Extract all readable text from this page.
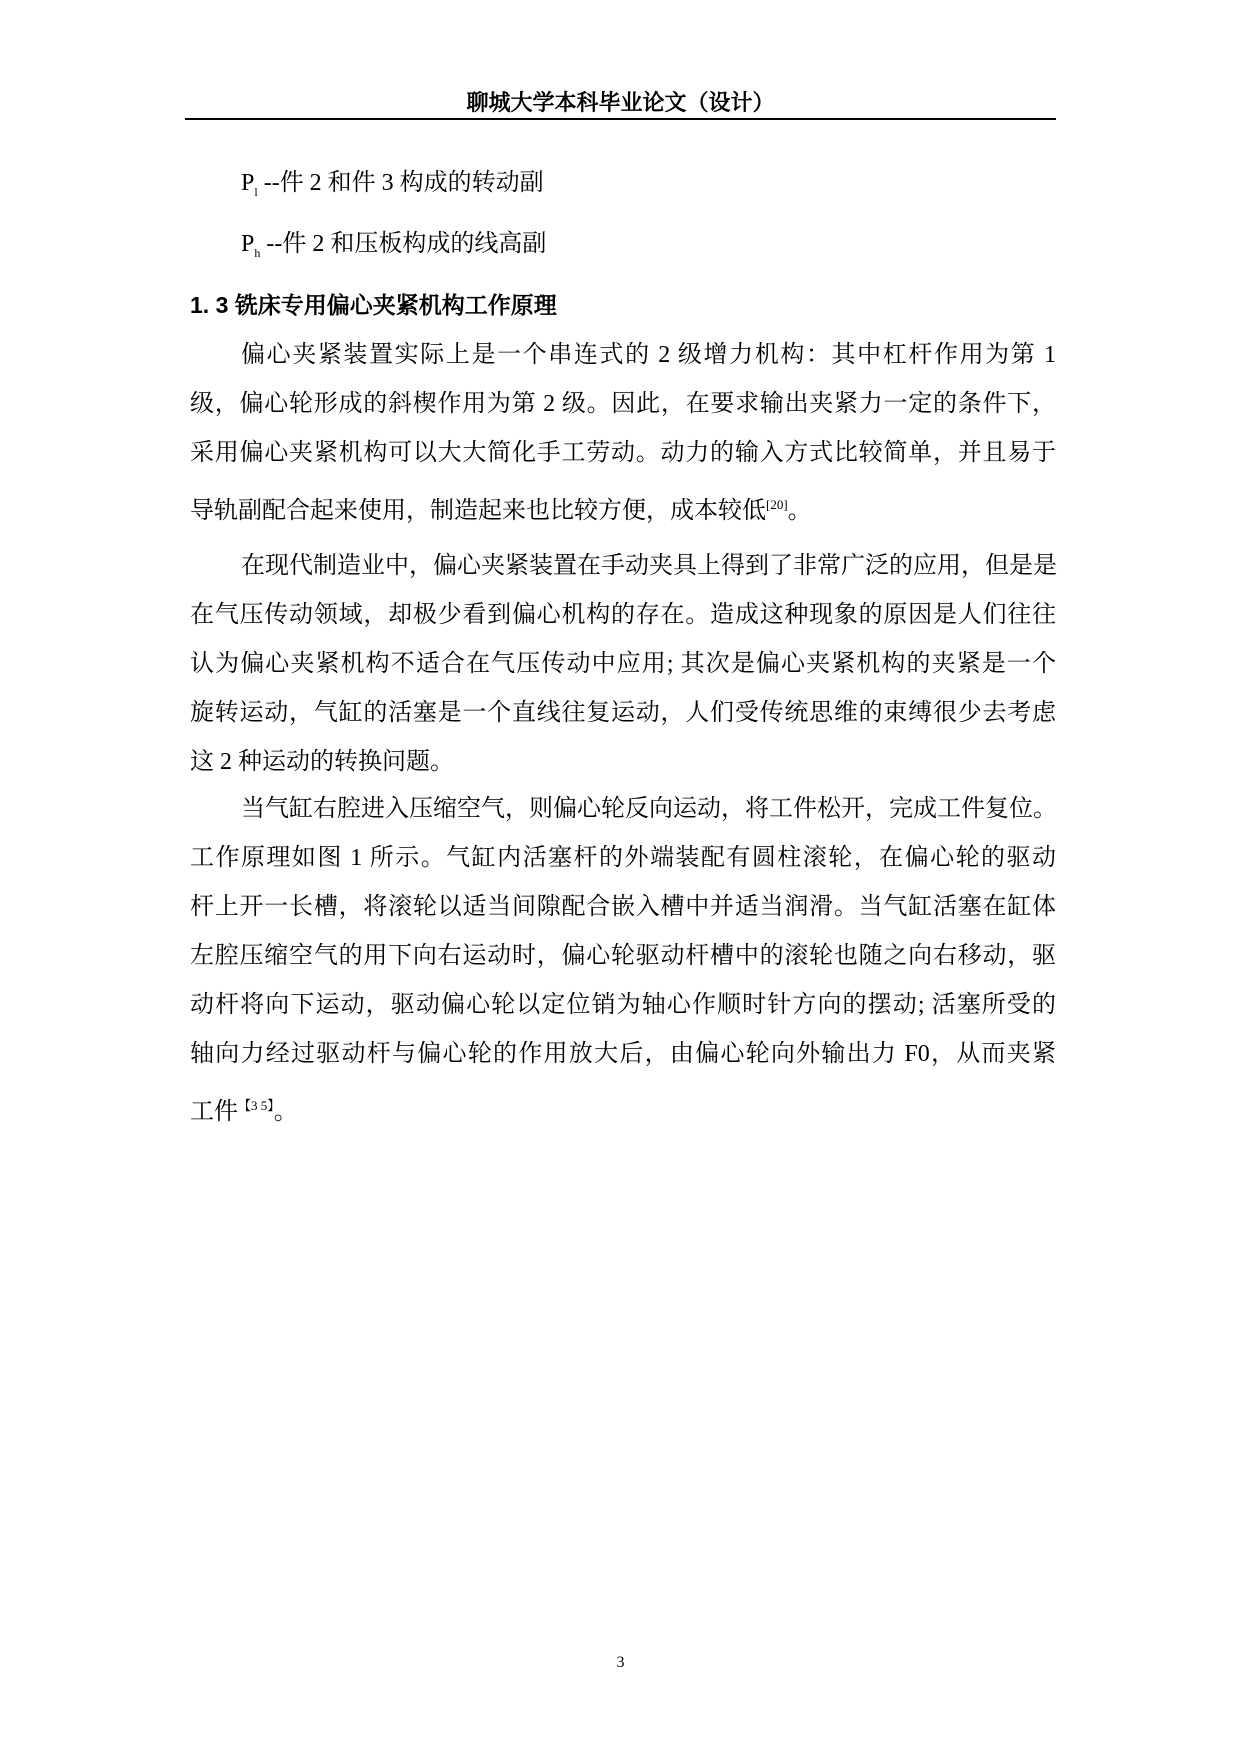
聊城大学本科毕业论文（设计）
$P_l$ --件 2 和件 3 构成的转动副
$P_h$ --件 2 和压板构成的线高副
1. 3 铣床专用偏心夹紧机构工作原理
偏心夹紧装置实际上是一个串连式的 2 级增力机构：其中杠杆作用为第 1
级，偏心轮形成的斜楔作用为第 2 级。因此，在要求输出夹紧力一定的条件下，
采用偏心夹紧机构可以大大简化手工劳动。动力的输入方式比较简单，并且易于
导轨副配合起来使用，制造起来也比较方便，成本较低[20]。
在现代制造业中，偏心夹紧装置在手动夹具上得到了非常广泛的应用，但是是
在气压传动领域，却极少看到偏心机构的存在。造成这种现象的原因是人们往往
认为偏心夹紧机构不适合在气压传动中应用; 其次是偏心夹紧机构的夹紧是一个
旋转运动，气缸的活塞是一个直线往复运动，人们受传统思维的束缚很少去考虑
这 2 种运动的转换问题。
当气缸右腔进入压缩空气，则偏心轮反向运动，将工件松开，完成工件复位。
工作原理如图 1 所示。气缸内活塞杆的外端装配有圆柱滚轮，在偏心轮的驱动
杆上开一长槽，将滚轮以适当间隙配合嵌入槽中并适当润滑。当气缸活塞在缸体
左腔压缩空气的用下向右运动时，偏心轮驱动杆槽中的滚轮也随之向右移动，驱
动杆将向下运动，驱动偏心轮以定位销为轴心作顺时针方向的摆动; 活塞所受的
轴向力经过驱动杆与偏心轮的作用放大后，由偏心轮向外输出力 F0，从而夹紧
工件$^{【3 5】}$。
3
